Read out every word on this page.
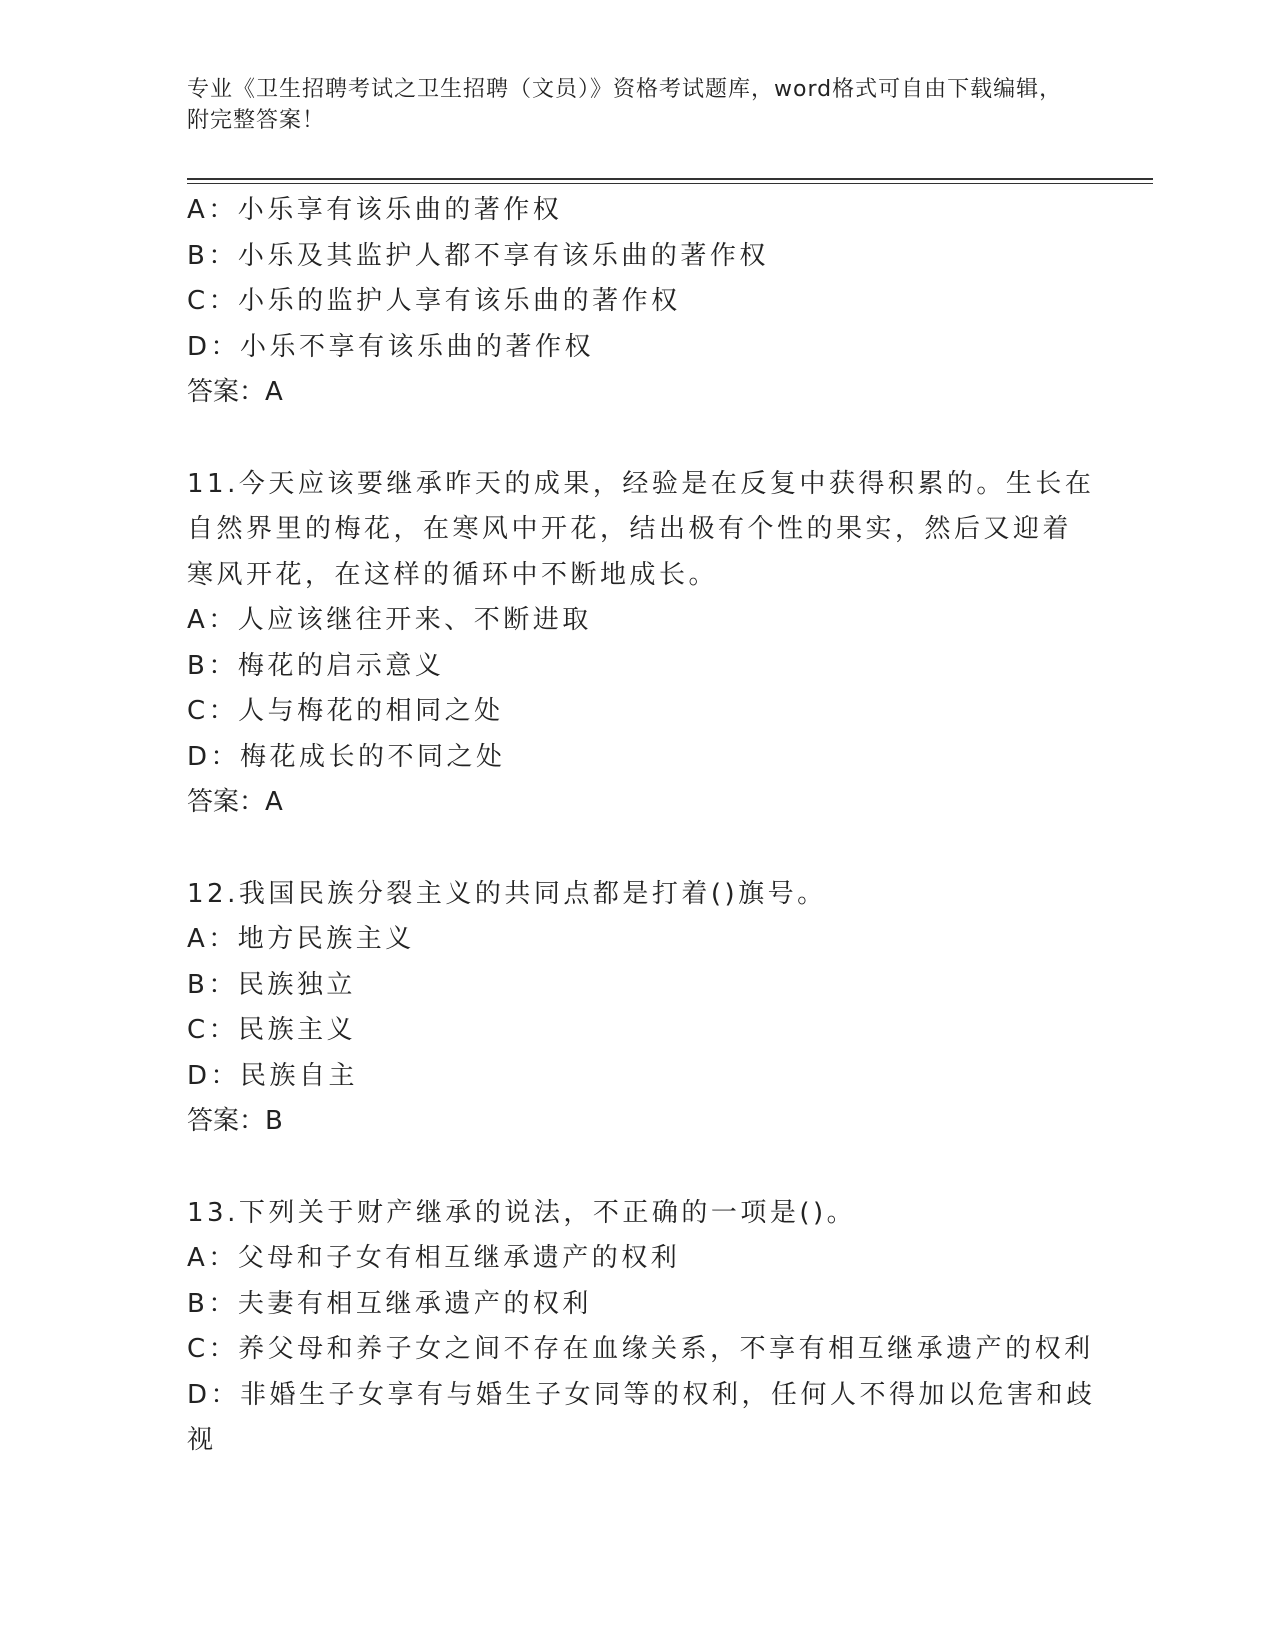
专业《卫生招聘考试之卫生招聘（文员）》资格考试题库，word格式可自由下载编辑，附完整答案！
A：小乐享有该乐曲的著作权
B：小乐及其监护人都不享有该乐曲的著作权
C：小乐的监护人享有该乐曲的著作权
D：小乐不享有该乐曲的著作权
答案：A
11.今天应该要继承昨天的成果，经验是在反复中获得积累的。生长在
自然界里的梅花，在寒风中开花，结出极有个性的果实，然后又迎着
寒风开花，在这样的循环中不断地成长。
A：人应该继往开来、不断进取
B：梅花的启示意义
C：人与梅花的相同之处
D：梅花成长的不同之处
答案：A
12.我国民族分裂主义的共同点都是打着()旗号。
A：地方民族主义
B：民族独立
C：民族主义
D：民族自主
答案：B
13.下列关于财产继承的说法，不正确的一项是()。
A：父母和子女有相互继承遗产的权利
B：夫妻有相互继承遗产的权利
C：养父母和养子女之间不存在血缘关系，不享有相互继承遗产的权利
D：非婚生子女享有与婚生子女同等的权利，任何人不得加以危害和歧
视
